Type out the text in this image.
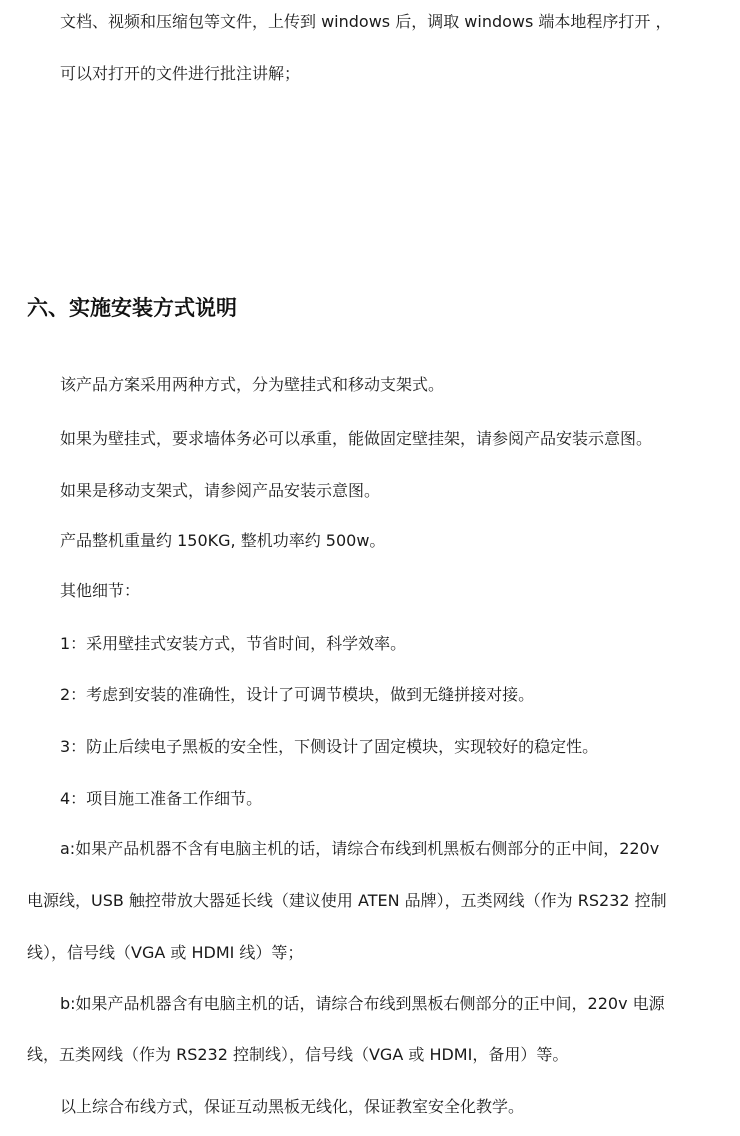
文档、视频和压缩包等文件，上传到 windows 后，调取 windows 端本地程序打开 ，
可以对打开的文件进行批注讲解；
六、实施安装方式说明
该产品方案采用两种方式，分为壁挂式和移动支架式。
如果为壁挂式，要求墙体务必可以承重，能做固定壁挂架，请参阅产品安装示意图。
如果是移动支架式，请参阅产品安装示意图。
产品整机重量约 150KG, 整机功率约 500w。
其他细节：
1：采用壁挂式安装方式，节省时间，科学效率。
2：考虑到安装的准确性，设计了可调节模块，做到无缝拼接对接。
3：防止后续电子黑板的安全性，下侧设计了固定模块，实现较好的稳定性。
4：项目施工准备工作细节。
a:如果产品机器不含有电脑主机的话，请综合布线到机黑板右侧部分的正中间，220v
电源线，USB 触控带放大器延长线（建议使用 ATEN 品牌），五类网线（作为 RS232 控制
线），信号线（VGA 或 HDMI 线）等；
b:如果产品机器含有电脑主机的话，请综合布线到黑板右侧部分的正中间，220v 电源
线，五类网线（作为 RS232 控制线），信号线（VGA 或 HDMI，备用）等。
以上综合布线方式，保证互动黑板无线化，保证教室安全化教学。
